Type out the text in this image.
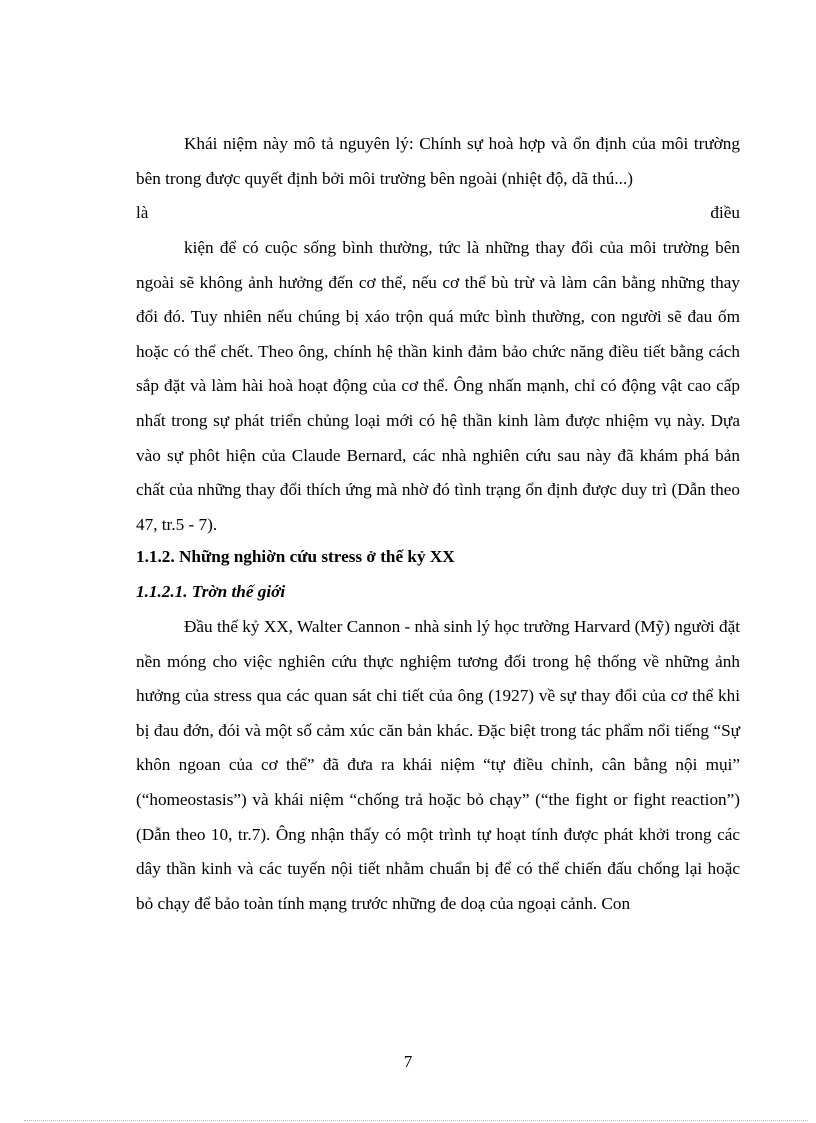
Khái niệm này mô tả nguyên lý: Chính sự hoà hợp và ổn định của môi trường bên trong được quyết định bởi môi trường bên ngoài (nhiệt độ, dã thú...)

là	điều

kiện để có cuộc sống bình thường, tức là những thay đổi của môi trường bên ngoài sẽ không ảnh hưởng đến cơ thể, nếu cơ thể bù trừ và làm cân bằng những thay đổi đó. Tuy nhiên nếu chúng bị xáo trộn quá mức bình thường, con người sẽ đau ốm hoặc có thể chết. Theo ông, chính hệ thần kinh đảm bảo chức năng điều tiết bằng cách sắp đặt và làm hài hoà hoạt động của cơ thể. Ông nhấn mạnh, chỉ có động vật cao cấp nhất trong sự phát triển chủng loại mới có hệ thần kinh làm được nhiệm vụ này. Dựa vào sự phôt hiện của Claude Bernard, các nhà nghiên cứu sau này đã khám phá bản chất của những thay đổi thích ứng mà nhờ đó tình trạng ổn định được duy trì (Dẫn theo 47, tr.5 - 7).

1.1.2. Những nghiờn cứu stress ở thế kỷ XX
1.1.2.1. Trờn thế giới

Đầu thế kỷ XX, Walter Cannon - nhà sinh lý học trường Harvard (Mỹ) người đặt nền móng cho việc nghiên cứu thực nghiệm tương đối trong hệ thống về những ảnh hưởng của stress qua các quan sát chi tiết của ông (1927) về sự thay đổi của cơ thể khi bị đau đớn, đói và một số cảm xúc căn bản khác. Đặc biệt trong tác phẩm nổi tiếng “Sự khôn ngoan của cơ thể” đã đưa ra khái niệm “tự điều chỉnh, cân bằng nội mụi” (“homeostasis”) và khái niệm “chống trả hoặc bỏ chạy” (“the fight or fight reaction”) (Dẫn theo 10, tr.7). Ông nhận thấy có một trình tự hoạt tính được phát khởi trong các dây thần kinh và các tuyến nội tiết nhằm chuẩn bị để có thể chiến đấu chống lại hoặc bỏ chạy để bảo toàn tính mạng trước những đe doạ của ngoại cảnh. Con

7
